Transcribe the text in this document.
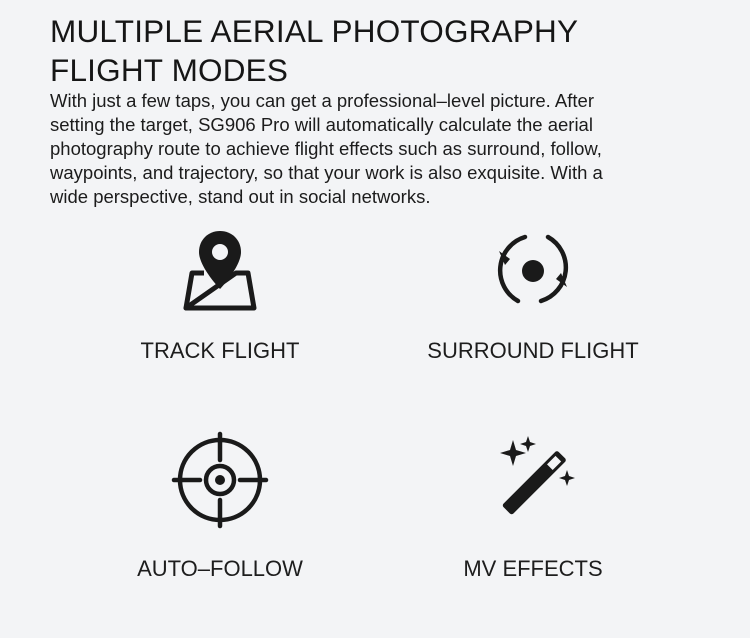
MULTIPLE AERIAL PHOTOGRAPHY
FLIGHT MODES

With just a few taps, you can get a professional–level picture. After
setting the target, SG906 Pro will automatically calculate the aerial
photography route to achieve flight effects such as surround, follow,
waypoints, and trajectory, so that your work is also exquisite. With a
wide perspective, stand out in social networks.

TRACK FLIGHT	SURROUND FLIGHT
AUTO–FOLLOW	MV EFFECTS
